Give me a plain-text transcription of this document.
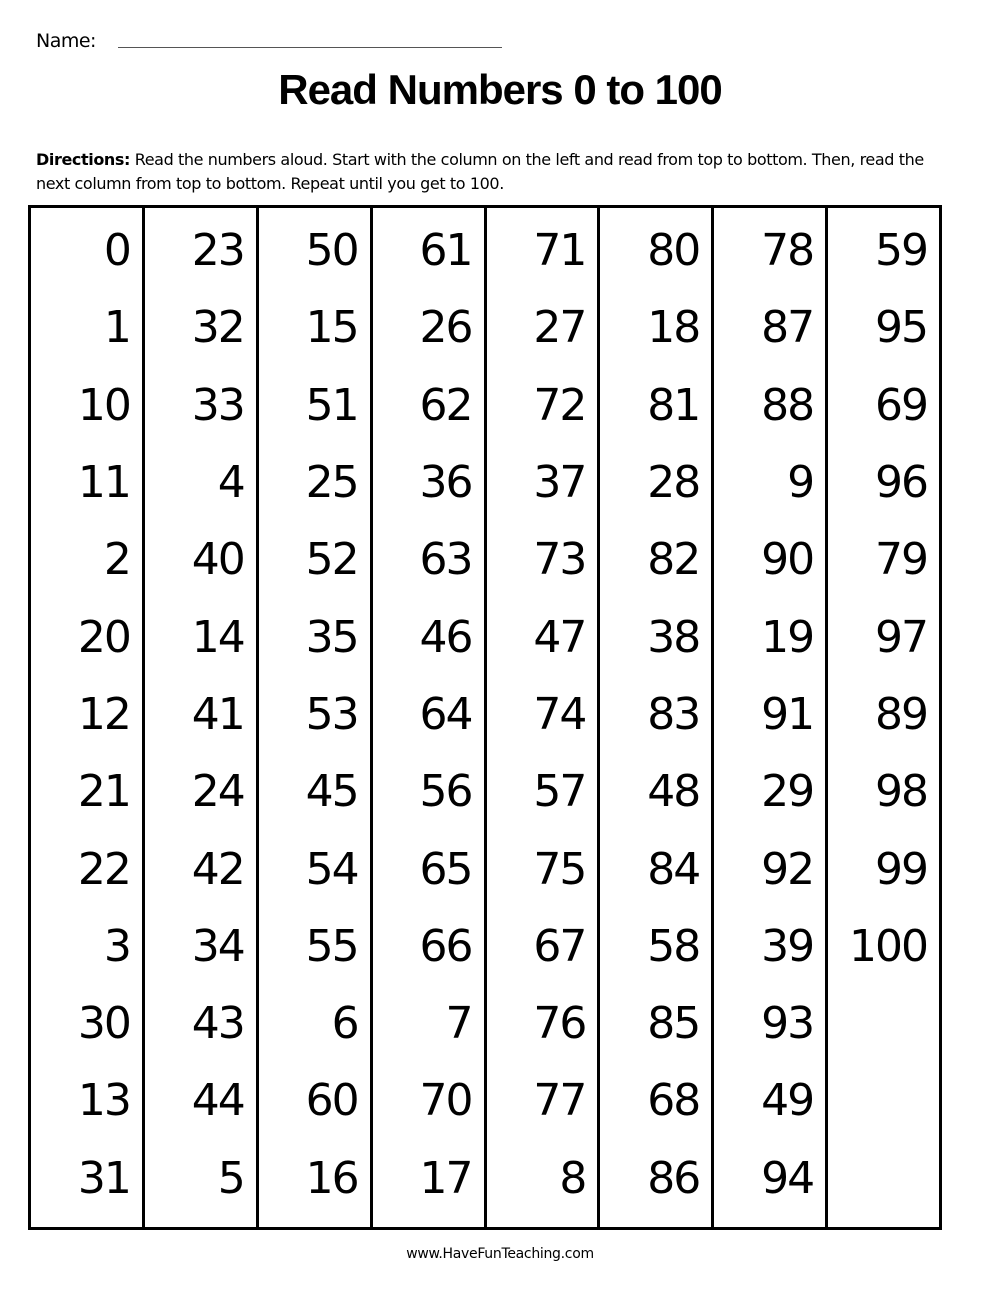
Name:
Read Numbers 0 to 100
Directions: Read the numbers aloud. Start with the column on the left and read from top to bottom. Then, read the next column from top to bottom. Repeat until you get to 100.
0
1
10
11
2
20
12
21
22
3
30
13
31
23
32
33
4
40
14
41
24
42
34
43
44
5
50
15
51
25
52
35
53
45
54
55
6
60
16
61
26
62
36
63
46
64
56
65
66
7
70
17
71
27
72
37
73
47
74
57
75
67
76
77
8
80
18
81
28
82
38
83
48
84
58
85
68
86
78
87
88
9
90
19
91
29
92
39
93
49
94
59
95
69
96
79
97
89
98
99
100
www.HaveFunTeaching.com
